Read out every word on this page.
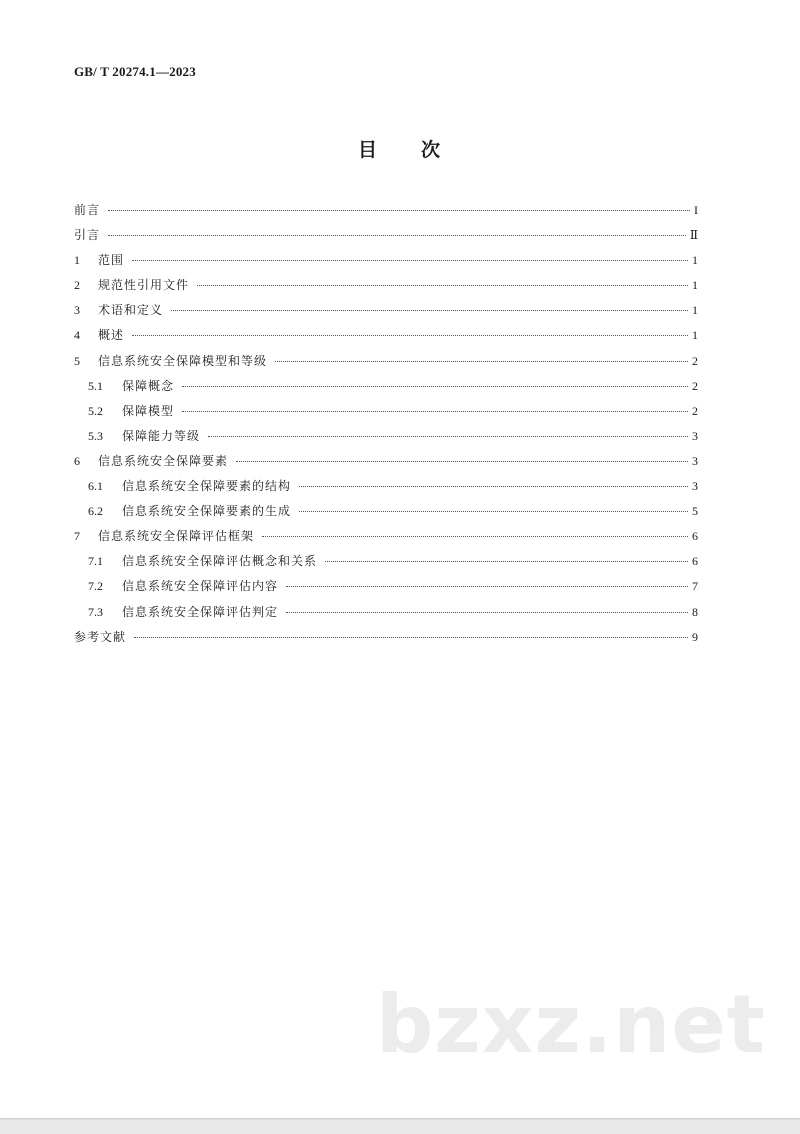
GB/ T 20274.1—2023
目 次
前言	I
引言	Ⅱ
1	范围	1
2	规范性引用文件	1
3	术语和定义	1
4	概述	1
5	信息系统安全保障模型和等级	2
5.1	保障概念	2
5.2	保障模型	2
5.3	保障能力等级	3
6	信息系统安全保障要素	3
6.1	信息系统安全保障要素的结构	3
6.2	信息系统安全保障要素的生成	5
7	信息系统安全保障评估框架	6
7.1	信息系统安全保障评估概念和关系	6
7.2	信息系统安全保障评估内容	7
7.3	信息系统安全保障评估判定	8
参考文献	9
bzxz.net
